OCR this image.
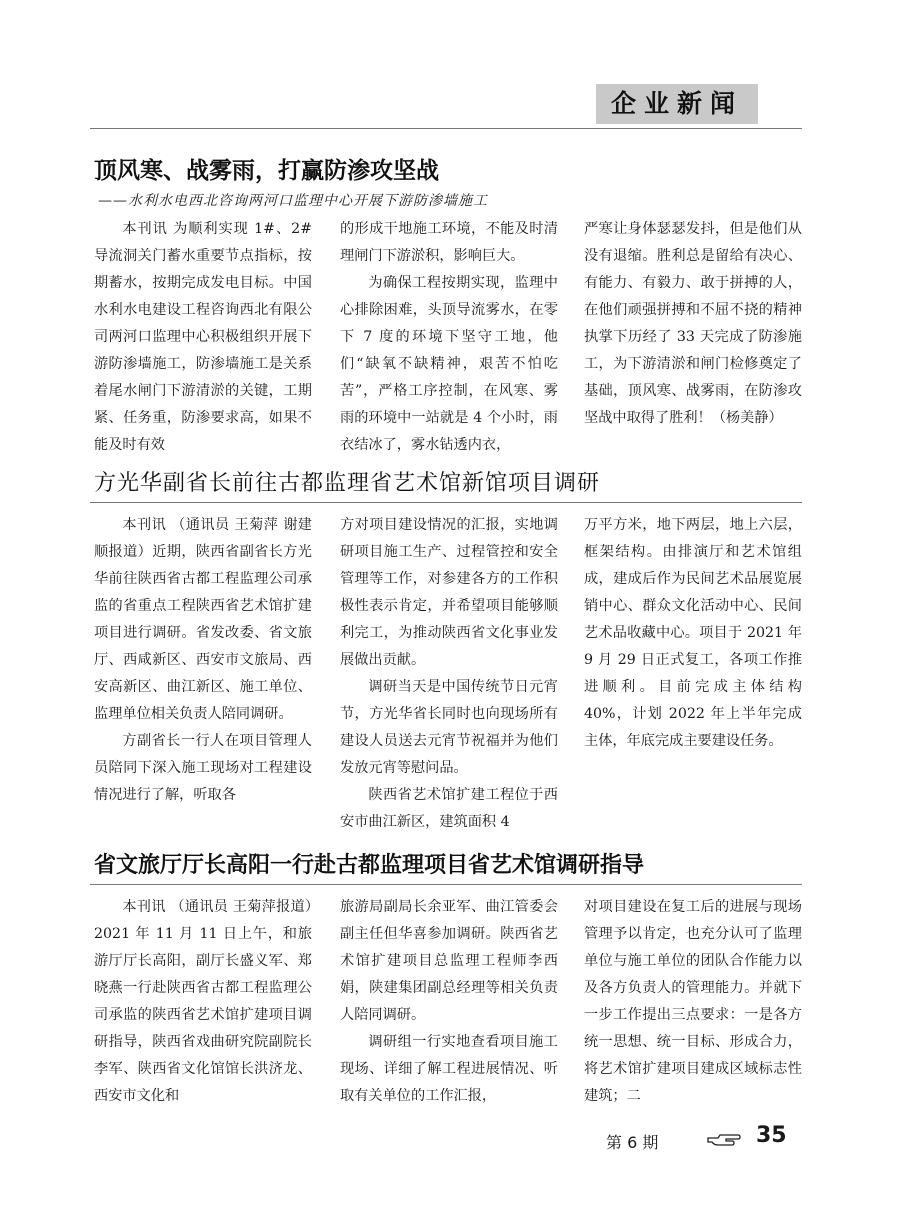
企业新闻
顶风寒、战雾雨，打赢防渗攻坚战
——水利水电西北咨询两河口监理中心开展下游防渗墙施工

本刊讯 为顺利实现 1#、2# 导流洞关门蓄水重要节点指标，按期蓄水，按期完成发电目标。中国水利水电建设工程咨询西北有限公司两河口监理中心积极组织开展下游防渗墙施工，防渗墙施工是关系着尾水闸门下游清淤的关键，工期紧、任务重，防渗要求高，如果不能及时有效

的形成干地施工环境，不能及时清理闸门下游淤积，影响巨大。

为确保工程按期实现，监理中心排除困难，头顶导流雾水，在零下 7 度的环境下坚守工地，他们“缺氧不缺精神，艰苦不怕吃苦”，严格工序控制，在风寒、雾雨的环境中一站就是 4 个小时，雨衣结冰了，雾水钻透内衣，

严寒让身体瑟瑟发抖，但是他们从没有退缩。胜利总是留给有决心、有能力、有毅力、敢于拼搏的人，在他们顽强拼搏和不屈不挠的精神执掌下历经了 33 天完成了防渗施工，为下游清淤和闸门检修奠定了基础，顶风寒、战雾雨，在防渗攻坚战中取得了胜利！（杨美静）

方光华副省长前往古都监理省艺术馆新馆项目调研

本刊讯 （通讯员 王菊萍 谢建顺报道）近期，陕西省副省长方光华前往陕西省古都工程监理公司承监的省重点工程陕西省艺术馆扩建项目进行调研。省发改委、省文旅厅、西咸新区、西安市文旅局、西安高新区、曲江新区、施工单位、监理单位相关负责人陪同调研。

方副省长一行人在项目管理人员陪同下深入施工现场对工程建设情况进行了解，听取各

方对项目建设情况的汇报，实地调研项目施工生产、过程管控和安全管理等工作，对参建各方的工作积极性表示肯定，并希望项目能够顺利完工，为推动陕西省文化事业发展做出贡献。

调研当天是中国传统节日元宵节，方光华省长同时也向现场所有建设人员送去元宵节祝福并为他们发放元宵等慰问品。

陕西省艺术馆扩建工程位于西安市曲江新区，建筑面积 4

万平方米，地下两层，地上六层，框架结构。由排演厅和艺术馆组成，建成后作为民间艺术品展览展销中心、群众文化活动中心、民间艺术品收藏中心。项目于 2021 年 9 月 29 日正式复工，各项工作推进顺利。目前完成主体结构 40%，计划 2022 年上半年完成主体，年底完成主要建设任务。

省文旅厅厅长高阳一行赴古都监理项目省艺术馆调研指导

本刊讯 （通讯员 王菊萍报道）2021 年 11 月 11 日上午，和旅游厅厅长高阳，副厅长盛义军、郑晓燕一行赴陕西省古都工程监理公司承监的陕西省艺术馆扩建项目调研指导，陕西省戏曲研究院副院长李军、陕西省文化馆馆长洪济龙、西安市文化和

旅游局副局长余亚军、曲江管委会副主任但华喜参加调研。陕西省艺术馆扩建项目总监理工程师李西娟，陕建集团副总经理等相关负责人陪同调研。

调研组一行实地查看项目施工现场、详细了解工程进展情况、听取有关单位的工作汇报，

对项目建设在复工后的进展与现场管理予以肯定，也充分认可了监理单位与施工单位的团队合作能力以及各方负责人的管理能力。并就下一步工作提出三点要求：一是各方统一思想、统一目标、形成合力，将艺术馆扩建项目建成区域标志性建筑；二

第 6 期	35
